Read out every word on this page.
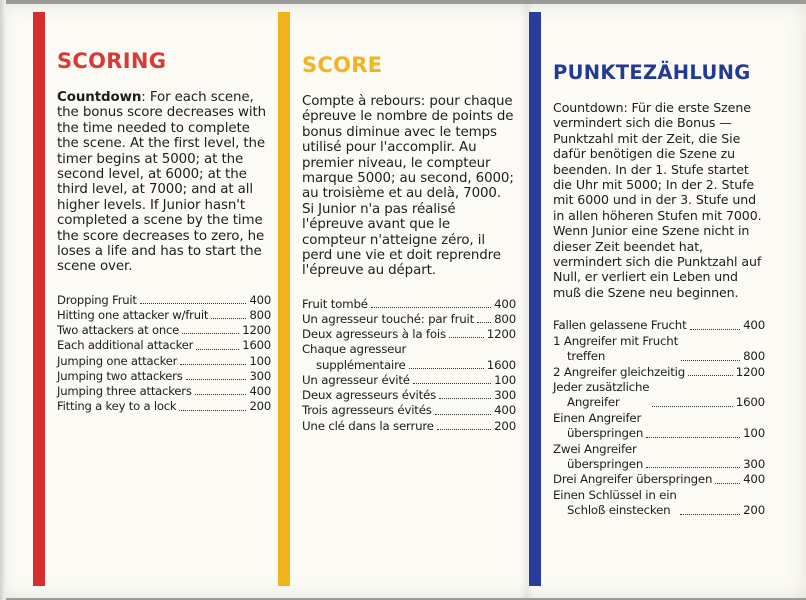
SCORING

Countdown: For each scene, the bonus score decreases with the time needed to complete the scene. At the first level, the timer begins at 5000; at the second level, at 6000; at the third level, at 7000; and at all higher levels. If Junior hasn't completed a scene by the time the score decreases to zero, he loses a life and has to start the scene over.

Dropping Fruit	400
Hitting one attacker w/fruit	800
Two attackers at once	1200
Each additional attacker	1600
Jumping one attacker	100
Jumping two attackers	300
Jumping three attackers	400
Fitting a key to a lock	200
SCORE

Compte à rebours: pour chaque épreuve le nombre de points de bonus diminue avec le temps utilisé pour l'accomplir. Au premier niveau, le compteur marque 5000; au second, 6000; au troisième et au delà, 7000. Si Junior n'a pas réalisé l'épreuve avant que le compteur n'atteigne zéro, il perd une vie et doit reprendre l'épreuve au départ.

Fruit tombé	400
Un agresseur touché: par fruit 800
Deux agresseurs à la fois	1200
Chaque agresseur
supplémentaire	1600
Un agresseur évité	100
Deux agresseurs évités	300
Trois agresseurs évités	400
Une clé dans la serrure	200
PUNKTEZÄHLUNG

Countdown: Für die erste Szene vermindert sich die Bonus — Punktzahl mit der Zeit, die Sie dafür benötigen die Szene zu beenden. In der 1. Stufe startet die Uhr mit 5000; In der 2. Stufe mit 6000 und in der 3. Stufe und in allen höheren Stufen mit 7000. Wenn Junior eine Szene nicht in dieser Zeit beendet hat, vermindert sich die Punktzahl auf Null, er verliert ein Leben und muß die Szene neu beginnen.

Fallen gelassene Frucht	400
1 Angreifer mit Frucht
treffen	800
2 Angreifer gleichzeitig	1200
Jeder zusätzliche
Angreifer	1600
Einen Angreifer
überspringen	100
Zwei Angreifer
überspringen	300
Drei Angreifer überspringen	400
Einen Schlüssel in ein
Schloß einstecken	200
